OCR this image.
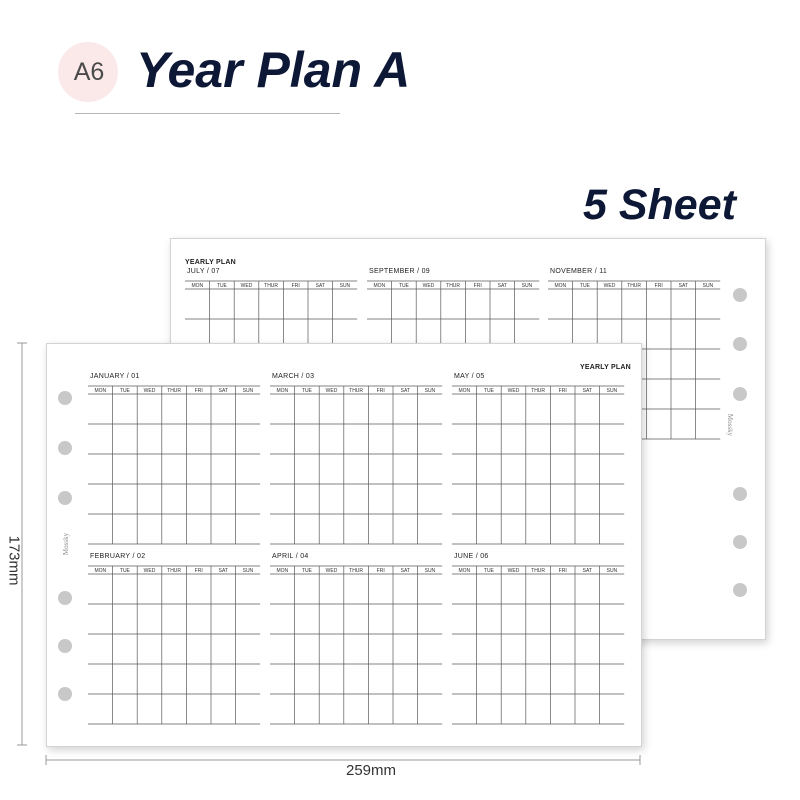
A6 Year Plan A
5 Sheet
YEARLY PLAN
JULY / 07
MON	TUE	WED	THUR	FRI	SAT	SUN
SEPTEMBER / 09
MON	TUE	WED	THUR	FRI	SAT	SUN
NOVEMBER / 11
MON	TUE	WED	THUR	FRI	SAT	SUN
Mossky
YEARLY PLAN
JANUARY / 01
MON	TUE	WED	THUR	FRI	SAT	SUN
MARCH / 03
MON	TUE	WED	THUR	FRI	SAT	SUN
MAY / 05
MON	TUE	WED	THUR	FRI	SAT	SUN
FEBRUARY / 02
MON	TUE	WED	THUR	FRI	SAT	SUN
APRIL / 04
MON	TUE	WED	THUR	FRI	SAT	SUN
JUNE / 06
MON	TUE	WED	THUR	FRI	SAT	SUN
Mossky
259mm
173mm
